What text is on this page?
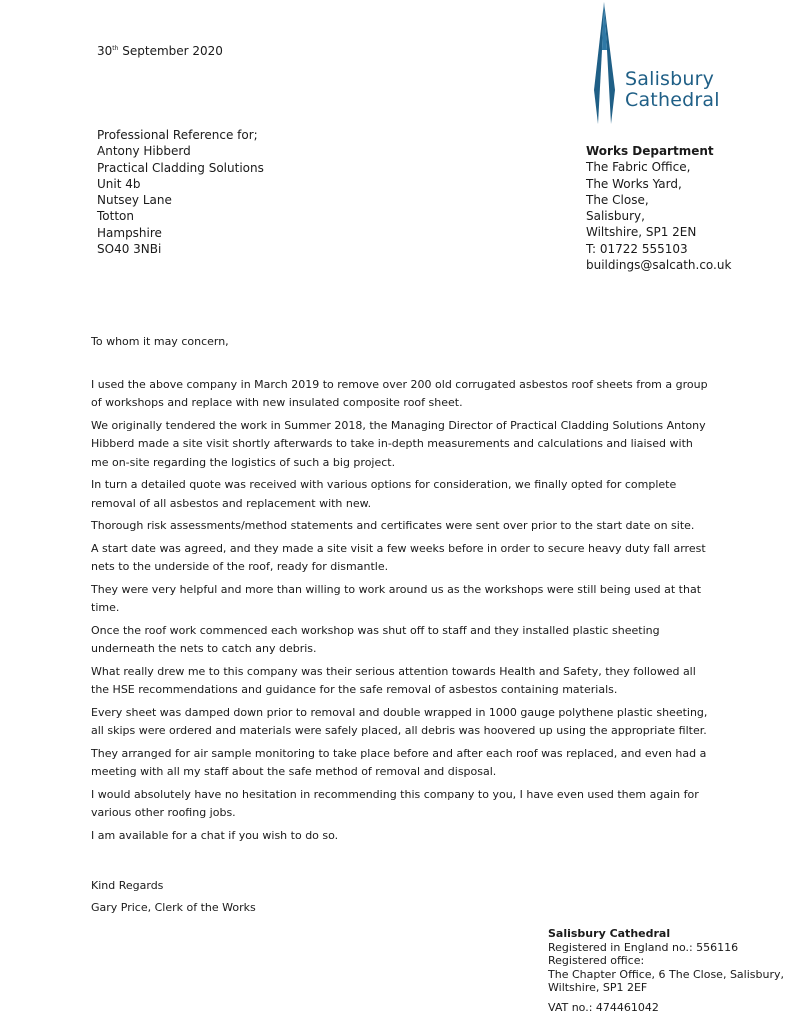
30th September 2020
Salisbury
Cathedral
Professional Reference for;
Antony Hibberd
Practical Cladding Solutions
Unit 4b
Nutsey Lane
Totton
Hampshire
SO40 3NBi
Works Department
The Fabric Office,
The Works Yard,
The Close,
Salisbury,
Wiltshire, SP1 2EN
T: 01722 555103
buildings@salcath.co.uk

To whom it may concern,

I used the above company in March 2019 to remove over 200 old corrugated asbestos roof sheets from a group of workshops and replace with new insulated composite roof sheet.

We originally tendered the work in Summer 2018, the Managing Director of Practical Cladding Solutions Antony Hibberd made a site visit shortly afterwards to take in-depth measurements and calculations and liaised with me on-site regarding the logistics of such a big project.

In turn a detailed quote was received with various options for consideration, we finally opted for complete removal of all asbestos and replacement with new.

Thorough risk assessments/method statements and certificates were sent over prior to the start date on site.

A start date was agreed, and they made a site visit a few weeks before in order to secure heavy duty fall arrest nets to the underside of the roof, ready for dismantle.

They were very helpful and more than willing to work around us as the workshops were still being used at that time.

Once the roof work commenced each workshop was shut off to staff and they installed plastic sheeting underneath the nets to catch any debris.

What really drew me to this company was their serious attention towards Health and Safety, they followed all the HSE recommendations and guidance for the safe removal of asbestos containing materials.

Every sheet was damped down prior to removal and double wrapped in 1000 gauge polythene plastic sheeting, all skips were ordered and materials were safely placed, all debris was hoovered up using the appropriate filter.

They arranged for air sample monitoring to take place before and after each roof was replaced, and even had a meeting with all my staff about the safe method of removal and disposal.

I would absolutely have no hesitation in recommending this company to you, I have even used them again for various other roofing jobs.

I am available for a chat if you wish to do so.

Kind Regards
Gary Price, Clerk of the Works
Salisbury Cathedral
Registered in England no.: 556116
Registered office:
The Chapter Office, 6 The Close, Salisbury,
Wiltshire, SP1 2EF
VAT no.: 474461042
